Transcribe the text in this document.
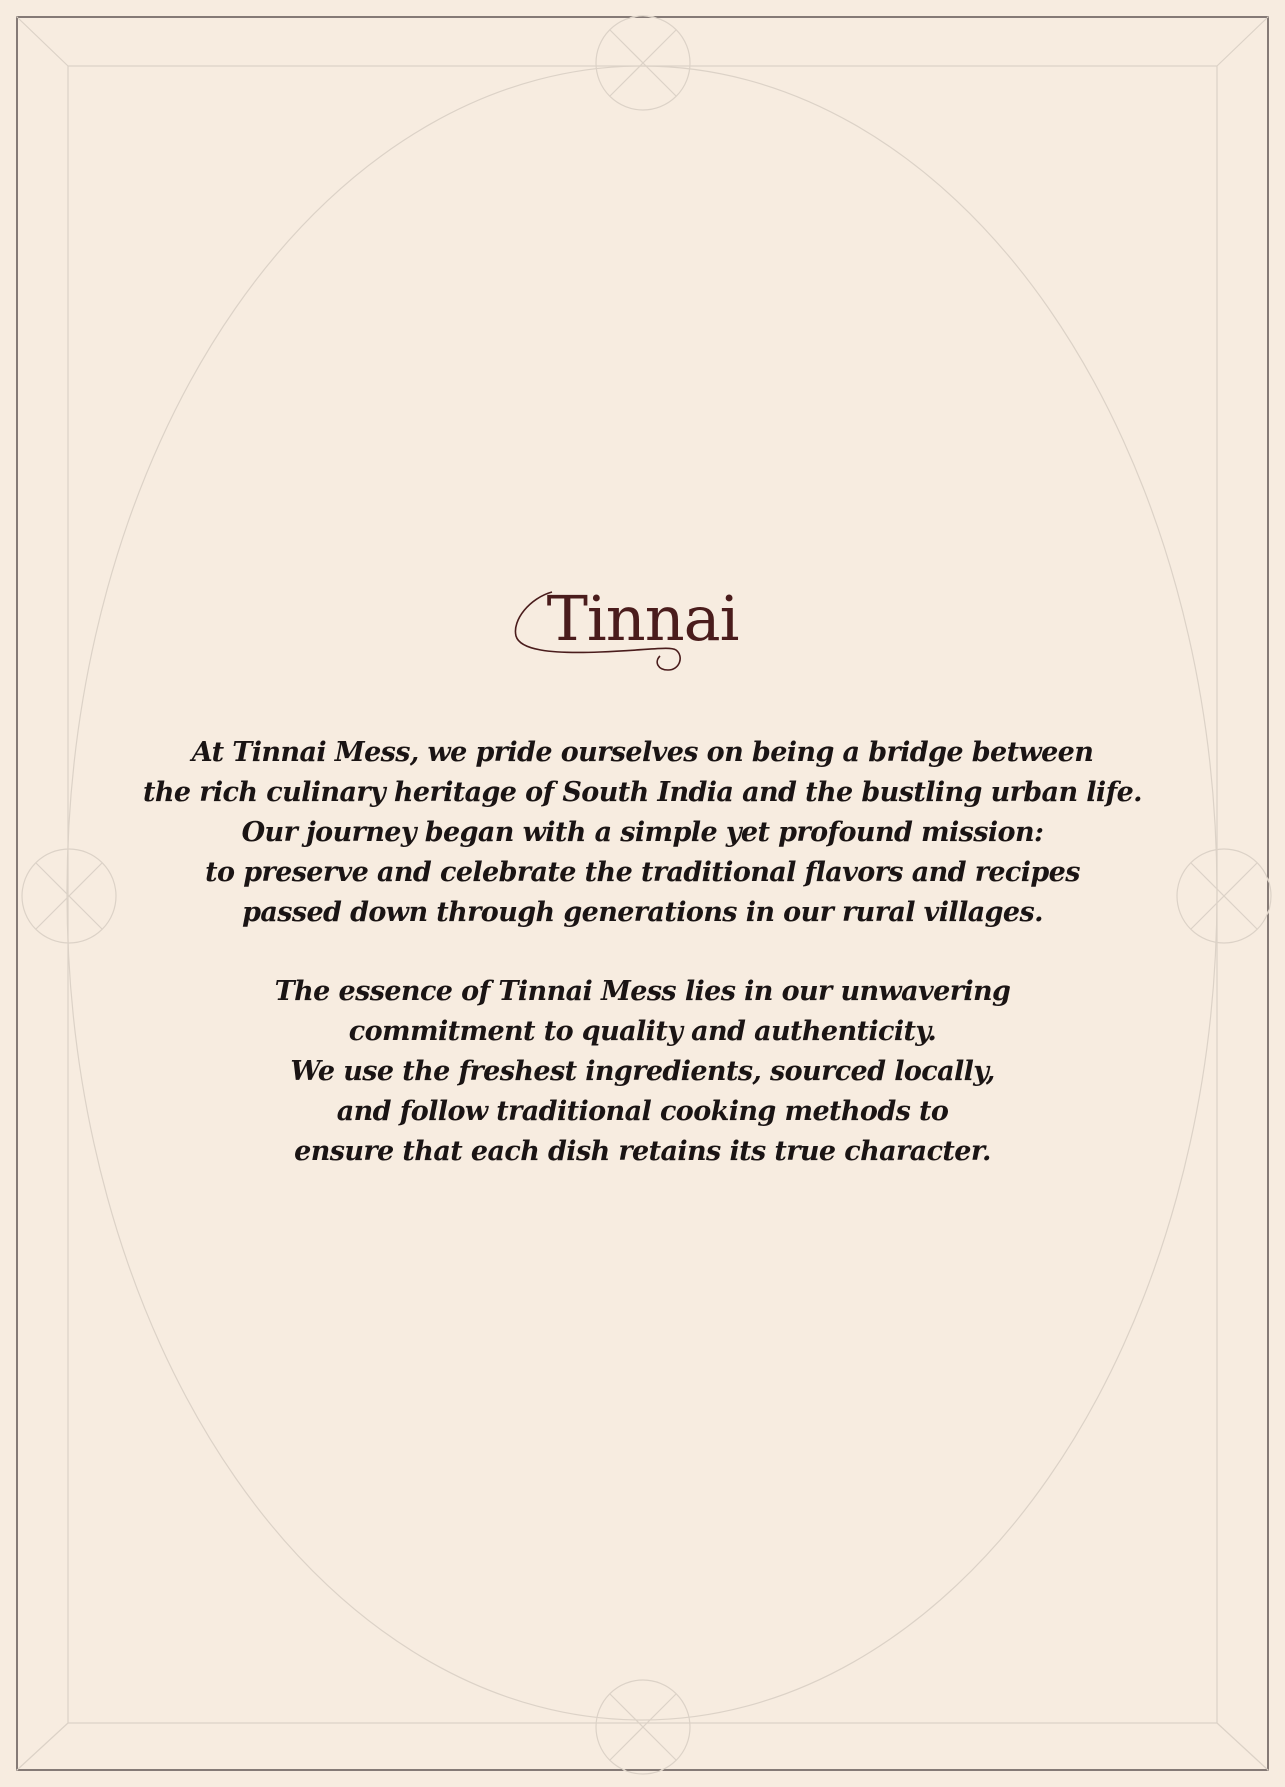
Tinnai
At Tinnai Mess, we pride ourselves on being a bridge between
the rich culinary heritage of South India and the bustling urban life.
Our journey began with a simple yet profound mission:
to preserve and celebrate the traditional flavors and recipes
passed down through generations in our rural villages.
The essence of Tinnai Mess lies in our unwavering
commitment to quality and authenticity.
We use the freshest ingredients, sourced locally,
and follow traditional cooking methods to
ensure that each dish retains its true character.
